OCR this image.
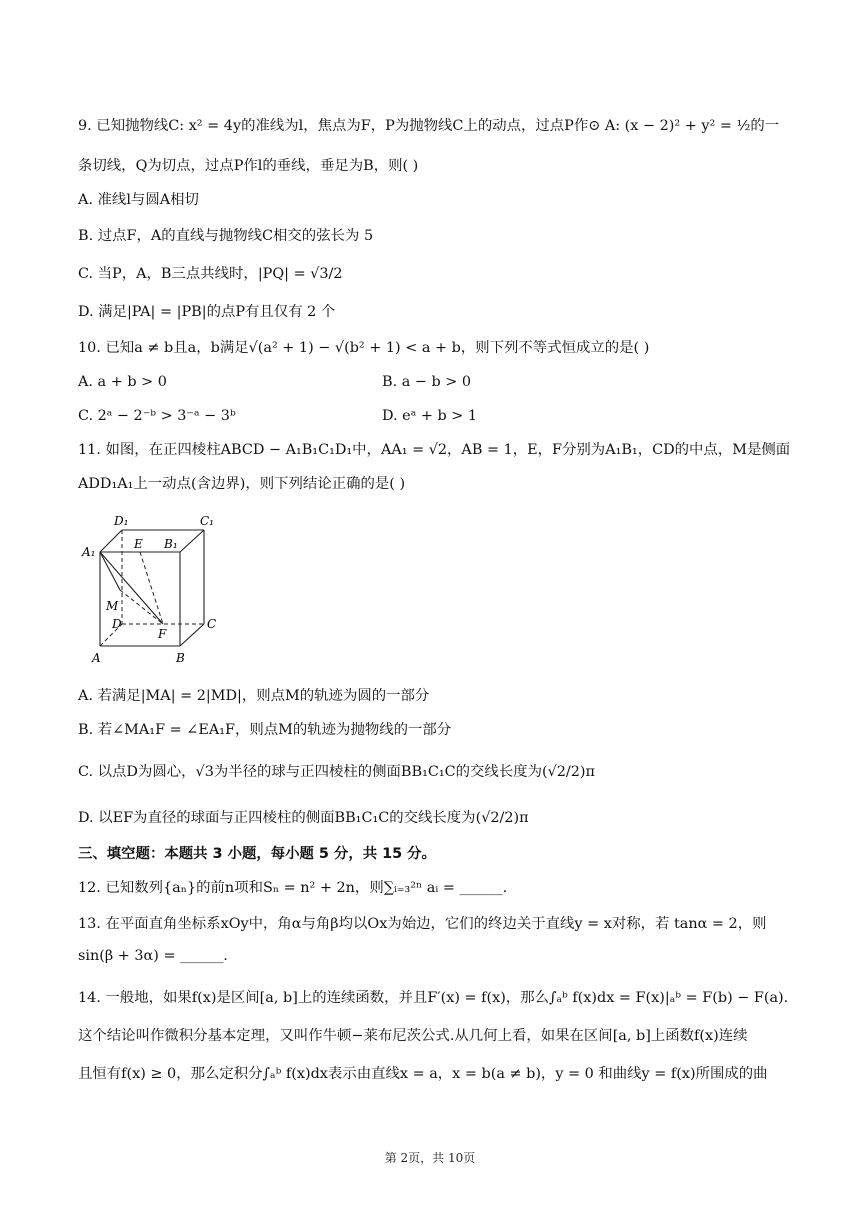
9. 已知抛物线C: x² = 4y的准线为l，焦点为F，P为抛物线C上的动点，过点P作⊙ A: (x − 2)² + y² = ½的一
条切线，Q为切点，过点P作l的垂线，垂足为B，则( )
A. 准线l与圆A相切
B. 过点F，A的直线与抛物线C相交的弦长为 5
C. 当P，A，B三点共线时，|PQ| = √3/2
D. 满足|PA| = |PB|的点P有且仅有 2 个
10. 已知a ≠ b且a，b满足√(a² + 1) − √(b² + 1) < a + b，则下列不等式恒成立的是( )
A. a + b > 0	B. a − b > 0
C. 2ᵃ − 2⁻ᵇ > 3⁻ᵃ − 3ᵇ	D. eᵃ + b > 1
11. 如图，在正四棱柱ABCD − A₁B₁C₁D₁中，AA₁ = √2，AB = 1，E，F分别为A₁B₁，CD的中点，M是侧面
ADD₁A₁上一动点(含边界)，则下列结论正确的是( )
D₁	C₁
A₁
E B₁
M
D
F
C
A	B
A. 若满足|MA| = 2|MD|，则点M的轨迹为圆的一部分
B. 若∠MA₁F = ∠EA₁F，则点M的轨迹为抛物线的一部分
C. 以点D为圆心，√3为半径的球与正四棱柱的侧面BB₁C₁C的交线长度为(√2/2)π
D. 以EF为直径的球面与正四棱柱的侧面BB₁C₁C的交线长度为(√2/2)π
三、填空题：本题共 3 小题，每小题 5 分，共 15 分。
12. 已知数列{aₙ}的前n项和Sₙ = n² + 2n，则∑ᵢ₌₃²ⁿ aᵢ = ______.
13. 在平面直角坐标系xOy中，角α与角β均以Ox为始边，它们的终边关于直线y = x对称，若 tanα = 2，则
sin(β + 3α) = ______.
14. 一般地，如果f(x)是区间[a, b]上的连续函数，并且F′(x) = f(x)，那么∫ₐᵇ f(x)dx = F(x)|ₐᵇ = F(b) − F(a).
这个结论叫作微积分基本定理，又叫作牛顿−莱布尼茨公式.从几何上看，如果在区间[a, b]上函数f(x)连续
且恒有f(x) ≥ 0，那么定积分∫ₐᵇ f(x)dx表示由直线x = a，x = b(a ≠ b)，y = 0 和曲线y = f(x)所围成的曲
第 2页，共 10页
